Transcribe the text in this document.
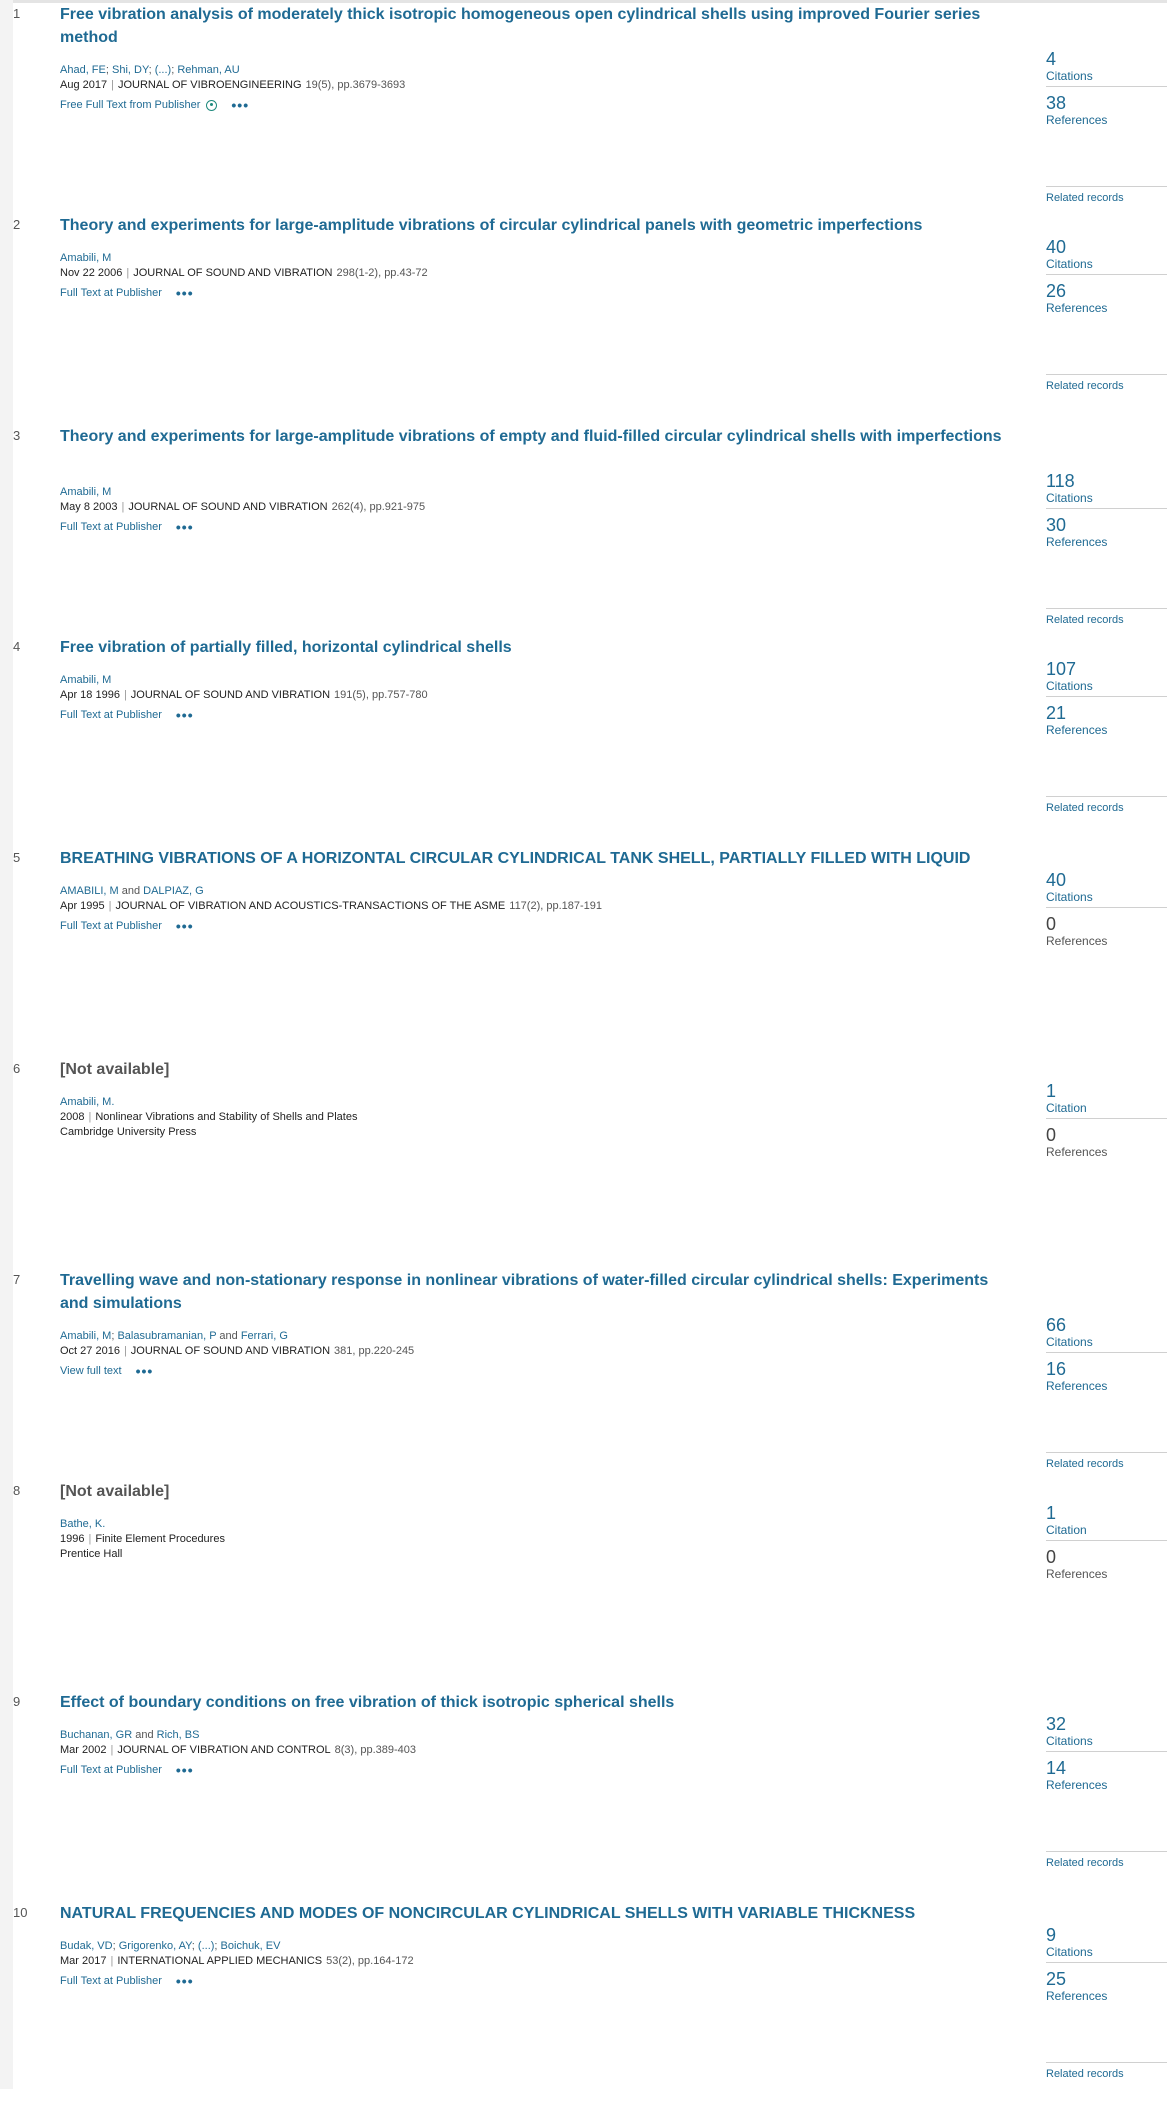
1 Free vibration analysis of moderately thick isotropic homogeneous open cylindrical shells using improved Fourier series method
Ahad, FE; Shi, DY; (...); Rehman, AU
Aug 2017 | JOURNAL OF VIBROENGINEERING 19(5), pp.3679-3693
Free Full Text from Publisher •••
4
Citations
38
References
Related records
2 Theory and experiments for large-amplitude vibrations of circular cylindrical panels with geometric imperfections
Amabili, M
Nov 22 2006 | JOURNAL OF SOUND AND VIBRATION 298(1-2), pp.43-72
Full Text at Publisher •••
40
Citations
26
References
Related records
3 Theory and experiments for large-amplitude vibrations of empty and fluid-filled circular cylindrical shells with imperfections
Amabili, M
May 8 2003 | JOURNAL OF SOUND AND VIBRATION 262(4), pp.921-975
Full Text at Publisher •••
118
Citations
30
References
Related records
4 Free vibration of partially filled, horizontal cylindrical shells
Amabili, M
Apr 18 1996 | JOURNAL OF SOUND AND VIBRATION 191(5), pp.757-780
Full Text at Publisher •••
107
Citations
21
References
Related records
5 BREATHING VIBRATIONS OF A HORIZONTAL CIRCULAR CYLINDRICAL TANK SHELL, PARTIALLY FILLED WITH LIQUID
AMABILI, M and DALPIAZ, G
Apr 1995 | JOURNAL OF VIBRATION AND ACOUSTICS-TRANSACTIONS OF THE ASME 117(2), pp.187-191
Full Text at Publisher •••
40
Citations
0
References
6 [Not available]
Amabili, M.
2008 | Nonlinear Vibrations and Stability of Shells and Plates
Cambridge University Press
1
Citation
0
References
7 Travelling wave and non-stationary response in nonlinear vibrations of water-filled circular cylindrical shells: Experiments and simulations
Amabili, M; Balasubramanian, P and Ferrari, G
Oct 27 2016 | JOURNAL OF SOUND AND VIBRATION 381, pp.220-245
View full text •••
66
Citations
16
References
Related records
8 [Not available]
Bathe, K.
1996 | Finite Element Procedures
Prentice Hall
1
Citation
0
References
9 Effect of boundary conditions on free vibration of thick isotropic spherical shells
Buchanan, GR and Rich, BS
Mar 2002 | JOURNAL OF VIBRATION AND CONTROL 8(3), pp.389-403
Full Text at Publisher •••
32
Citations
14
References
Related records
10 NATURAL FREQUENCIES AND MODES OF NONCIRCULAR CYLINDRICAL SHELLS WITH VARIABLE THICKNESS
Budak, VD; Grigorenko, AY; (...); Boichuk, EV
Mar 2017 | INTERNATIONAL APPLIED MECHANICS 53(2), pp.164-172
Full Text at Publisher •••
9
Citations
25
References
Related records
